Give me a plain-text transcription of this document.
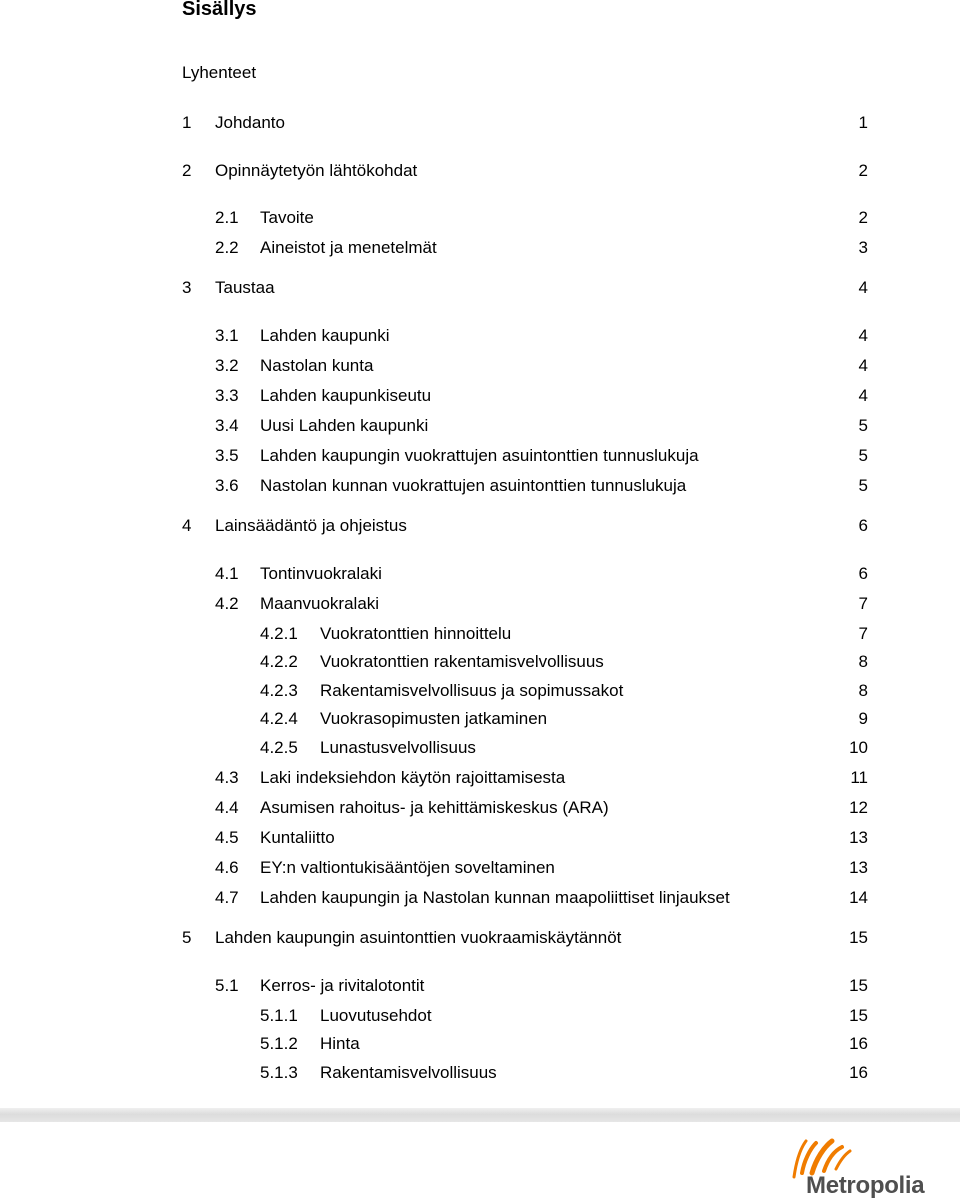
Sisällys
Lyhenteet
1 Johdanto	1
2 Opinnäytetyön lähtökohdat	2
2.1 Tavoite	2
2.2 Aineistot ja menetelmät	3
3 Taustaa	4
3.1 Lahden kaupunki	4
3.2 Nastolan kunta	4
3.3 Lahden kaupunkiseutu	4
3.4 Uusi Lahden kaupunki	5
3.5 Lahden kaupungin vuokrattujen asuintonttien tunnuslukuja	5
3.6 Nastolan kunnan vuokrattujen asuintonttien tunnuslukuja	5
4 Lainsäädäntö ja ohjeistus	6
4.1 Tontinvuokralaki	6
4.2 Maanvuokralaki	7
4.2.1 Vuokratonttien hinnoittelu	7
4.2.2 Vuokratonttien rakentamisvelvollisuus	8
4.2.3 Rakentamisvelvollisuus ja sopimussakot	8
4.2.4 Vuokrasopimusten jatkaminen	9
4.2.5 Lunastusvelvollisuus	10
4.3 Laki indeksiehdon käytön rajoittamisesta	11
4.4 Asumisen rahoitus- ja kehittämiskeskus (ARA)	12
4.5 Kuntaliitto	13
4.6 EY:n valtiontukisääntöjen soveltaminen	13
4.7 Lahden kaupungin ja Nastolan kunnan maapoliittiset linjaukset	14
5 Lahden kaupungin asuintonttien vuokraamiskäytännöt	15
5.1 Kerros- ja rivitalotontit	15
5.1.1 Luovutusehdot	15
5.1.2 Hinta	16
5.1.3 Rakentamisvelvollisuus	16
Metropolia
